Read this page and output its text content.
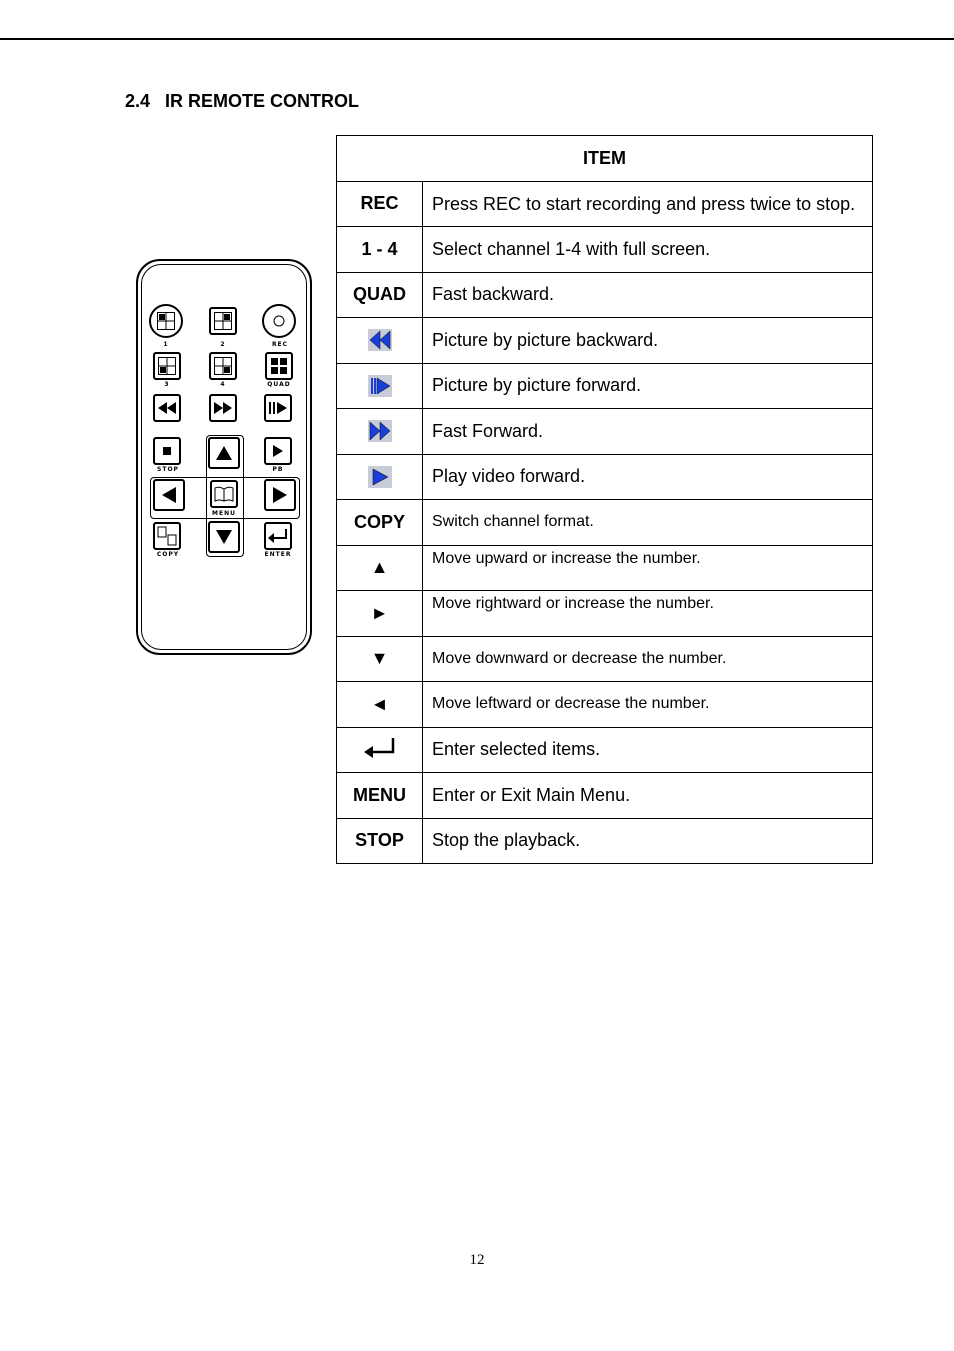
2.4   IR REMOTE CONTROL
1	2	REC
3	4	QUAD
STOP	PB
MENU
COPY	ENTER
ITEM	
REC	Press REC to start recording and press twice to stop.
1 - 4	Select channel 1-4 with full screen.
QUAD	Fast backward.
	Picture by picture backward.
	Picture by picture forward.
	Fast Forward.
	Play video forward.
COPY	Switch channel format.
▲	Move upward or increase the number.
►	Move rightward or increase the number.
▼	Move downward or decrease the number.
◄	Move leftward or decrease the number.
	Enter selected items.
MENU	Enter or Exit Main Menu.
STOP	Stop the playback.
12
